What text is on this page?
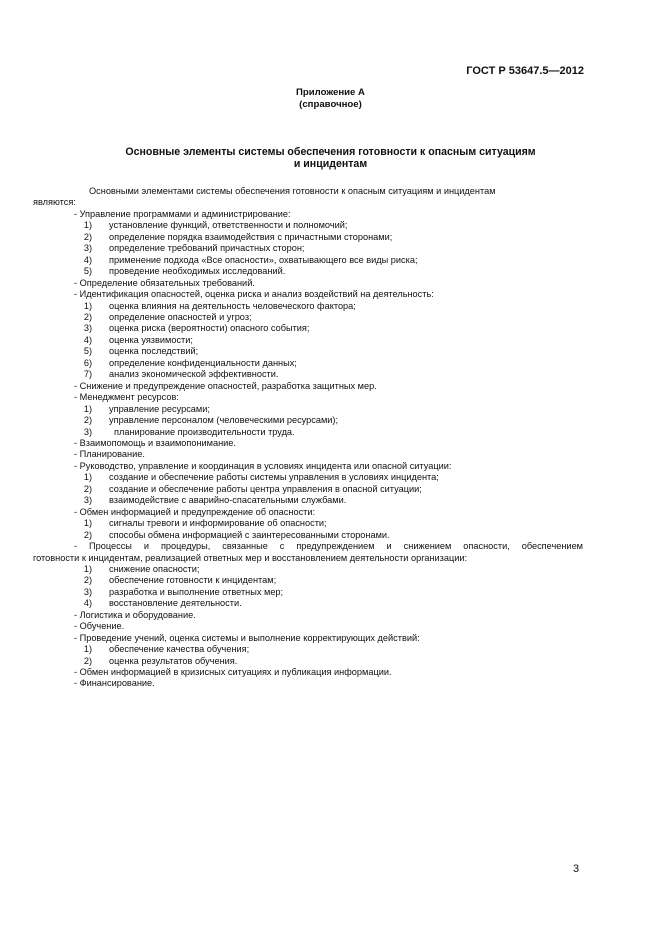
ГОСТ Р 53647.5—2012
Приложение А
(справочное)
Основные элементы системы обеспечения готовности к опасным ситуациям
и инцидентам

Основными элементами системы обеспечения готовности к опасным ситуациям и инцидентам

являются:

- Управление программами и администрирование:

1)	установление функций, ответственности и полномочий;
2)	определение порядка взаимодействия с причастными сторонами;
3)	определение требований причастных сторон;
4)	применение подхода «Все опасности», охватывающего все виды риска;
5)	проведение необходимых исследований.

- Определение обязательных требований.

- Идентификация опасностей, оценка риска и анализ воздействий на деятельность:

1)	оценка влияния на деятельность человеческого фактора;
2)	определение опасностей и угроз;
3)	оценка риска (вероятности) опасного события;
4)	оценка уязвимости;
5)	оценка последствий;
6)	определение конфиденциальности данных;
7)	анализ экономической эффективности.

- Снижение и предупреждение опасностей, разработка защитных мер.

- Менеджмент ресурсов:

1)	управление ресурсами;
2)	управление персоналом (человеческими ресурсами);
3)	планирование производительности труда.

- Взаимопомощь и взаимопонимание.

- Планирование.

- Руководство, управление и координация в условиях инцидента или опасной ситуации:

1)	создание и обеспечение работы системы управления в условиях инцидента;
2)	создание и обеспечение работы центра управления в опасной ситуации;
3)	взаимодействие с аварийно-спасательными службами.

- Обмен информацией и предупреждение об опасности:

1)	сигналы тревоги и информирование об опасности;
2)	способы обмена информацией с заинтересованными сторонами.

- Процессы и процедуры, связанные с предупреждением и снижением опасности, обеспечением

готовности к инцидентам, реализацией ответных мер и восстановлением деятельности организации:

1)	снижение опасности;
2)	обеспечение готовности к инцидентам;
3)	разработка и выполнение ответных мер;
4)	восстановление деятельности.

- Логистика и оборудование.

- Обучение.

- Проведение учений, оценка системы и выполнение корректирующих действий:

1)	обеспечение качества обучения;
2)	оценка результатов обучения.

- Обмен информацией в кризисных ситуациях и публикация информации.

- Финансирование.

3
